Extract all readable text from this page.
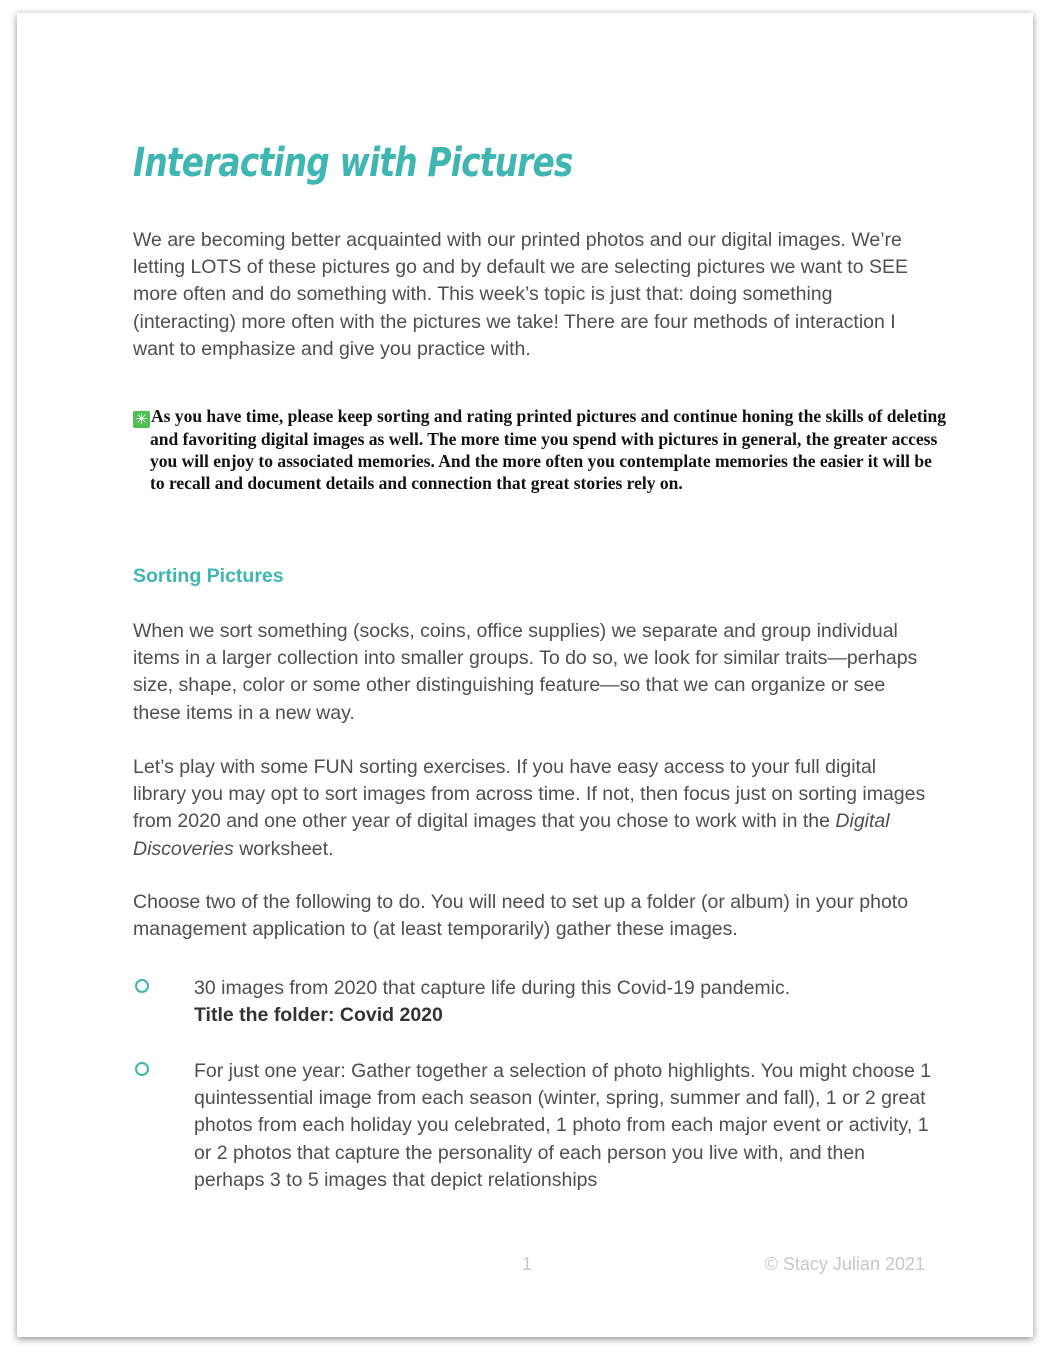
Interacting with Pictures

We are becoming better acquainted with our printed photos and our digital images. We’re letting LOTS of these pictures go and by default we are selecting pictures we want to SEE more often and do something with. This week’s topic is just that: doing something (interacting) more often with the pictures we take! There are four methods of interaction I want to emphasize and give you practice with.

✳ As you have time, please keep sorting and rating printed pictures and continue honing the skills of deleting and favoriting digital images as well. The more time you spend with pictures in general, the greater access you will enjoy to associated memories. And the more often you contemplate memories the easier it will be to recall and document details and connection that great stories rely on.

Sorting Pictures

When we sort something (socks, coins, office supplies) we separate and group individual items in a larger collection into smaller groups. To do so, we look for similar traits—perhaps size, shape, color or some other distinguishing feature—so that we can organize or see these items in a new way.

Let’s play with some FUN sorting exercises. If you have easy access to your full digital library you may opt to sort images from across time. If not, then focus just on sorting images from 2020 and one other year of digital images that you chose to work with in the Digital Discoveries worksheet.

Choose two of the following to do. You will need to set up a folder (or album) in your photo management application to (at least temporarily) gather these images.

30 images from 2020 that capture life during this Covid-19 pandemic.
Title the folder: Covid 2020

For just one year: Gather together a selection of photo highlights. You might choose 1 quintessential image from each season (winter, spring, summer and fall), 1 or 2 great photos from each holiday you celebrated, 1 photo from each major event or activity, 1 or 2 photos that capture the personality of each person you live with, and then perhaps 3 to 5 images that depict relationships

1	© Stacy Julian 2021
